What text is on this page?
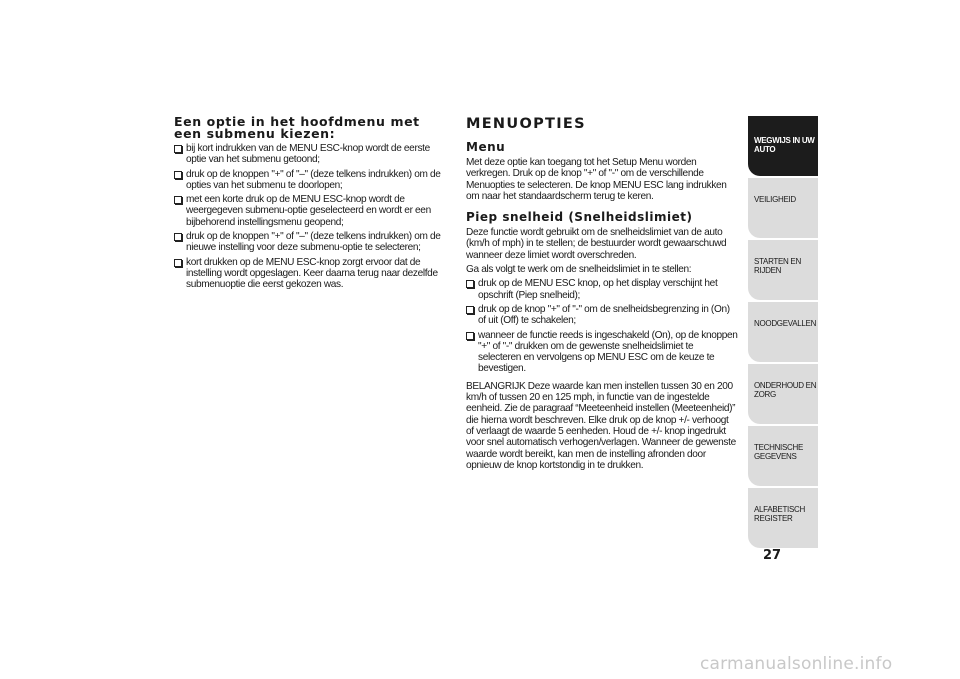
Een optie in het hoofdmenu met een submenu kiezen:
bij kort indrukken van de MENU ESC-knop wordt de eerste optie van het submenu getoond;
druk op de knoppen "+" of "–" (deze telkens indrukken) om de opties van het submenu te doorlopen;
met een korte druk op de MENU ESC-knop wordt de weergegeven submenu-optie geselecteerd en wordt er een bijbehorend instellingsmenu geopend;
druk op de knoppen "+" of "–" (deze telkens indrukken) om de nieuwe instelling voor deze submenu-optie te selecteren;
kort drukken op de MENU ESC-knop zorgt ervoor dat de instelling wordt opgeslagen. Keer daarna terug naar dezelfde submenuoptie die eerst gekozen was.
MENUOPTIES
Menu

Met deze optie kan toegang tot het Setup Menu worden verkregen. Druk op de knop "+" of "-" om de verschillende Menuopties te selecteren. De knop MENU ESC lang indrukken om naar het standaardscherm terug te keren.

Piep snelheid (Snelheidslimiet)

Deze functie wordt gebruikt om de snelheidslimiet van de auto (km/h of mph) in te stellen; de bestuurder wordt gewaarschuwd wanneer deze limiet wordt overschreden.

Ga als volgt te werk om de snelheidslimiet in te stellen:

druk op de MENU ESC knop, op het display verschijnt het opschrift (Piep snelheid);
druk op de knop "+" of "-" om de snelheidsbegrenzing in (On) of uit (Off) te schakelen;
wanneer de functie reeds is ingeschakeld (On), op de knoppen "+" of "-" drukken om de gewenste snelheidslimiet te selecteren en vervolgens op MENU ESC om de keuze te bevestigen.

BELANGRIJK Deze waarde kan men instellen tussen 30 en 200 km/h of tussen 20 en 125 mph, in functie van de ingestelde eenheid. Zie de paragraaf “Meeteenheid instellen (Meeteenheid)” die hierna wordt beschreven. Elke druk op de knop +/- verhoogt of verlaagt de waarde 5 eenheden. Houd de +/- knop ingedrukt voor snel automatisch verhogen/verlagen. Wanneer de gewenste waarde wordt bereikt, kan men de instelling afronden door opnieuw de knop kortstondig in te drukken.

WEGWIJS IN UW AUTO
VEILIGHEID
STARTEN EN RIJDEN
NOODGEVALLEN
ONDERHOUD EN ZORG
TECHNISCHE GEGEVENS
ALFABETISCH REGISTER
27
carmanualsonline.info
